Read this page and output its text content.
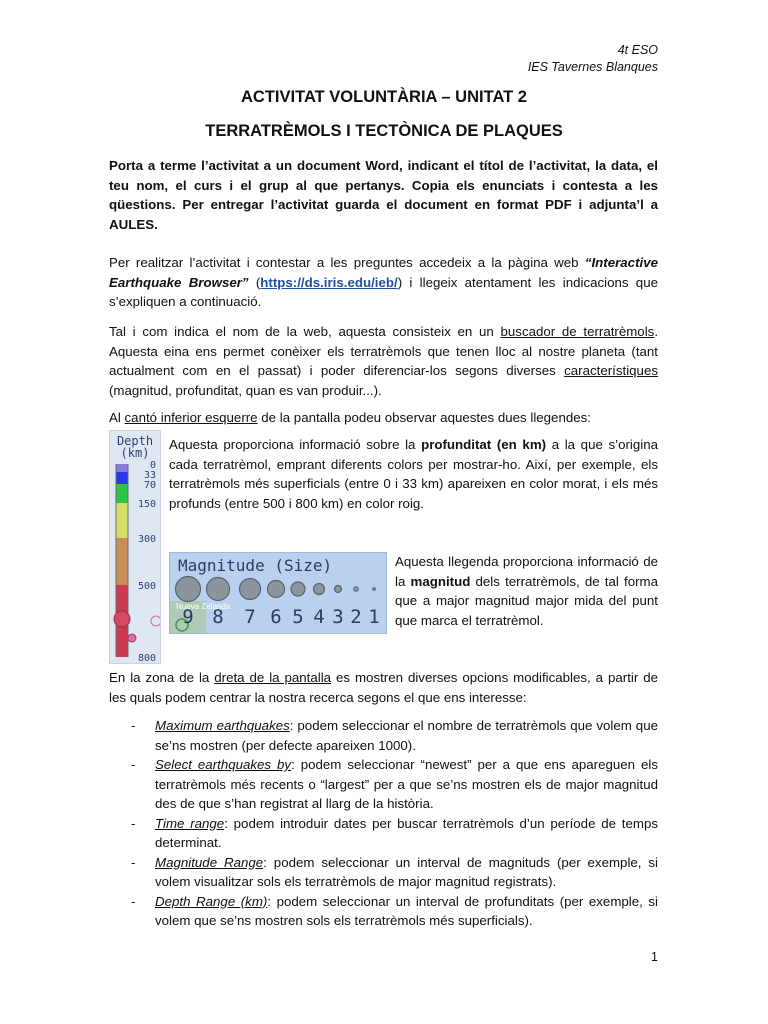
4t ESO
IES Tavernes Blanques
ACTIVITAT VOLUNTÀRIA – UNITAT 2
TERRATRÈMOLS I TECTÒNICA DE PLAQUES

Porta a terme l’activitat a un document Word, indicant el títol de l’activitat, la data, el teu nom, el curs i el grup al que pertanys. Copia els enunciats i contesta a les qüestions. Per entregar l’activitat guarda el document en format PDF i adjunta’l a AULES.

Per realitzar l’activitat i contestar a les preguntes accedeix a la pàgina web “Interactive Earthquake Browser” (https://ds.iris.edu/ieb/) i llegeix atentament les indicacions que s’expliquen a continuació.

Tal i com indica el nom de la web, aquesta consisteix en un buscador de terratrèmols. Aquesta eina ens permet conèixer els terratrèmols que tenen lloc al nostre planeta (tant actualment com en el passat) i poder diferenciar-los segons diverses característiques (magnitud, profunditat, quan es van produir...).

Al cantó inferior esquerre de la pantalla podeu observar aquestes dues llegendes:

Depth
(km)
0
33
70
150
300
500
800

Aquesta proporciona informació sobre la profunditat (en km) a la que s’origina cada terratrèmol, emprant diferents colors per mostrar-ho. Així, per exemple, els terratrèmols més superficials (entre 0 i 33 km) apareixen en color morat, i els més profunds (entre 500 i 800 km) en color roig.

Magnitude (Size)
Nueva Zelanda
9 8 7 6 5 4 3 2 1

Aquesta llegenda proporciona informació de la magnitud dels terratrèmols, de tal forma que a major magnitud major mida del punt que marca el terratrèmol.

En la zona de la dreta de la pantalla es mostren diverses opcions modificables, a partir de les quals podem centrar la nostra recerca segons el que ens interesse:

- Maximum earthquakes: podem seleccionar el nombre de terratrèmols que volem que se’ns mostren (per defecte apareixen 1000).
- Select earthquakes by: podem seleccionar “newest” per a que ens apareguen els terratrèmols més recents o “largest” per a que se’ns mostren els de major magnitud des de que s’han registrat al llarg de la història.
- Time range: podem introduir dates per buscar terratrèmols d’un període de temps determinat.
- Magnitude Range: podem seleccionar un interval de magnituds (per exemple, si volem visualitzar sols els terratrèmols de major magnitud registrats).
- Depth Range (km): podem seleccionar un interval de profunditats (per exemple, si volem que se’ns mostren sols els terratrèmols més superficials).
1
